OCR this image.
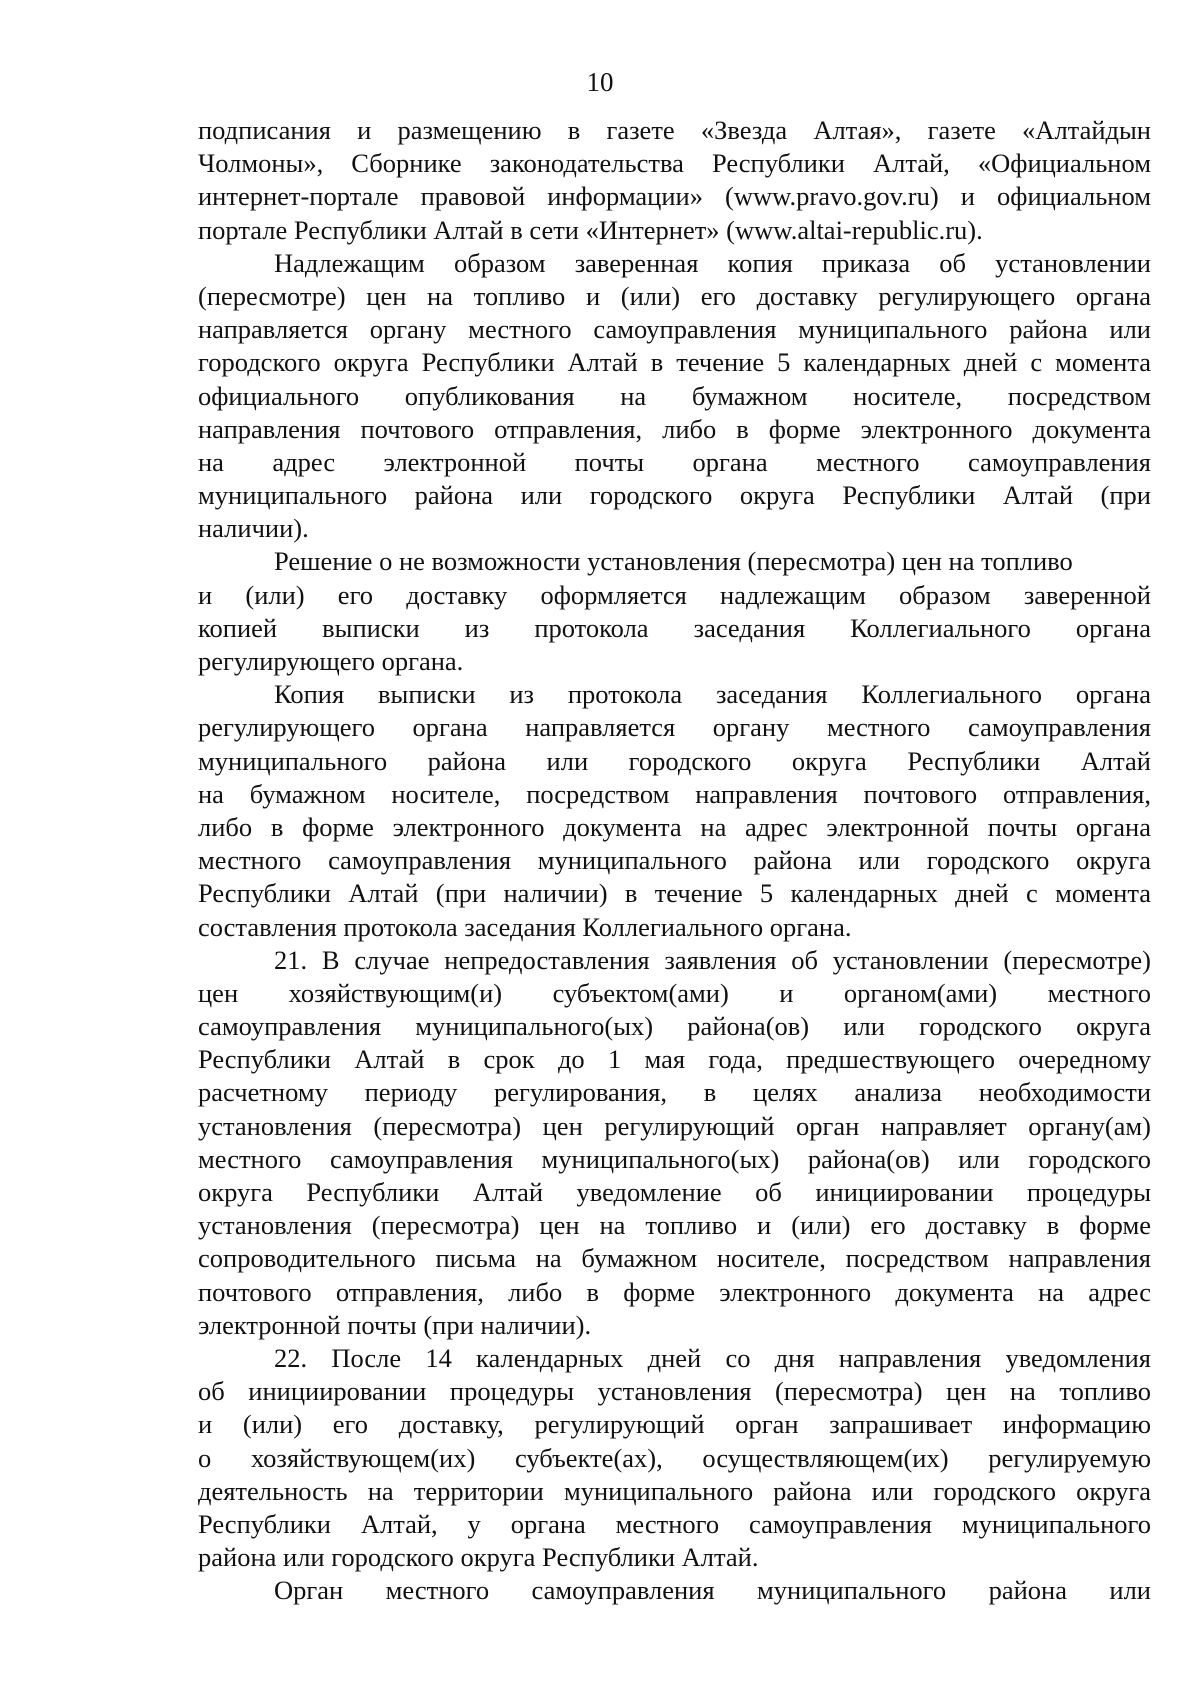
10
подписания и размещению в газете «Звезда Алтая», газете «Алтайдын
Чолмоны», Сборнике законодательства Республики Алтай, «Официальном
интернет-портале правовой информации» (www.pravo.gov.ru) и официальном
портале Республики Алтай в сети «Интернет» (www.altai-republic.ru).
Надлежащим образом заверенная копия приказа об установлении
(пересмотре) цен на топливо и (или) его доставку регулирующего органа
направляется органу местного самоуправления муниципального района или
городского округа Республики Алтай в течение 5 календарных дней с момента
официального опубликования на бумажном носителе, посредством
направления почтового отправления, либо в форме электронного документа
на адрес электронной почты органа местного самоуправления
муниципального района или городского округа Республики Алтай (при
наличии).
Решение о не возможности установления (пересмотра) цен на топливо
и (или) его доставку оформляется надлежащим образом заверенной
копией выписки из протокола заседания Коллегиального органа
регулирующего органа.
Копия выписки из протокола заседания Коллегиального органа
регулирующего органа направляется органу местного самоуправления
муниципального района или городского округа Республики Алтай
на бумажном носителе, посредством направления почтового отправления,
либо в форме электронного документа на адрес электронной почты органа
местного самоуправления муниципального района или городского округа
Республики Алтай (при наличии) в течение 5 календарных дней с момента
составления протокола заседания Коллегиального органа.
21. В случае непредоставления заявления об установлении (пересмотре)
цен хозяйствующим(и) субъектом(ами) и органом(ами) местного
самоуправления муниципального(ых) района(ов) или городского округа
Республики Алтай в срок до 1 мая года, предшествующего очередному
расчетному периоду регулирования, в целях анализа необходимости
установления (пересмотра) цен регулирующий орган направляет органу(ам)
местного самоуправления муниципального(ых) района(ов) или городского
округа Республики Алтай уведомление об инициировании процедуры
установления (пересмотра) цен на топливо и (или) его доставку в форме
сопроводительного письма на бумажном носителе, посредством направления
почтового отправления, либо в форме электронного документа на адрес
электронной почты (при наличии).
22. После 14 календарных дней со дня направления уведомления
об инициировании процедуры установления (пересмотра) цен на топливо
и (или) его доставку, регулирующий орган запрашивает информацию
о хозяйствующем(их) субъекте(ах), осуществляющем(их) регулируемую
деятельность на территории муниципального района или городского округа
Республики Алтай, у органа местного самоуправления муниципального
района или городского округа Республики Алтай.
Орган местного самоуправления муниципального района или
